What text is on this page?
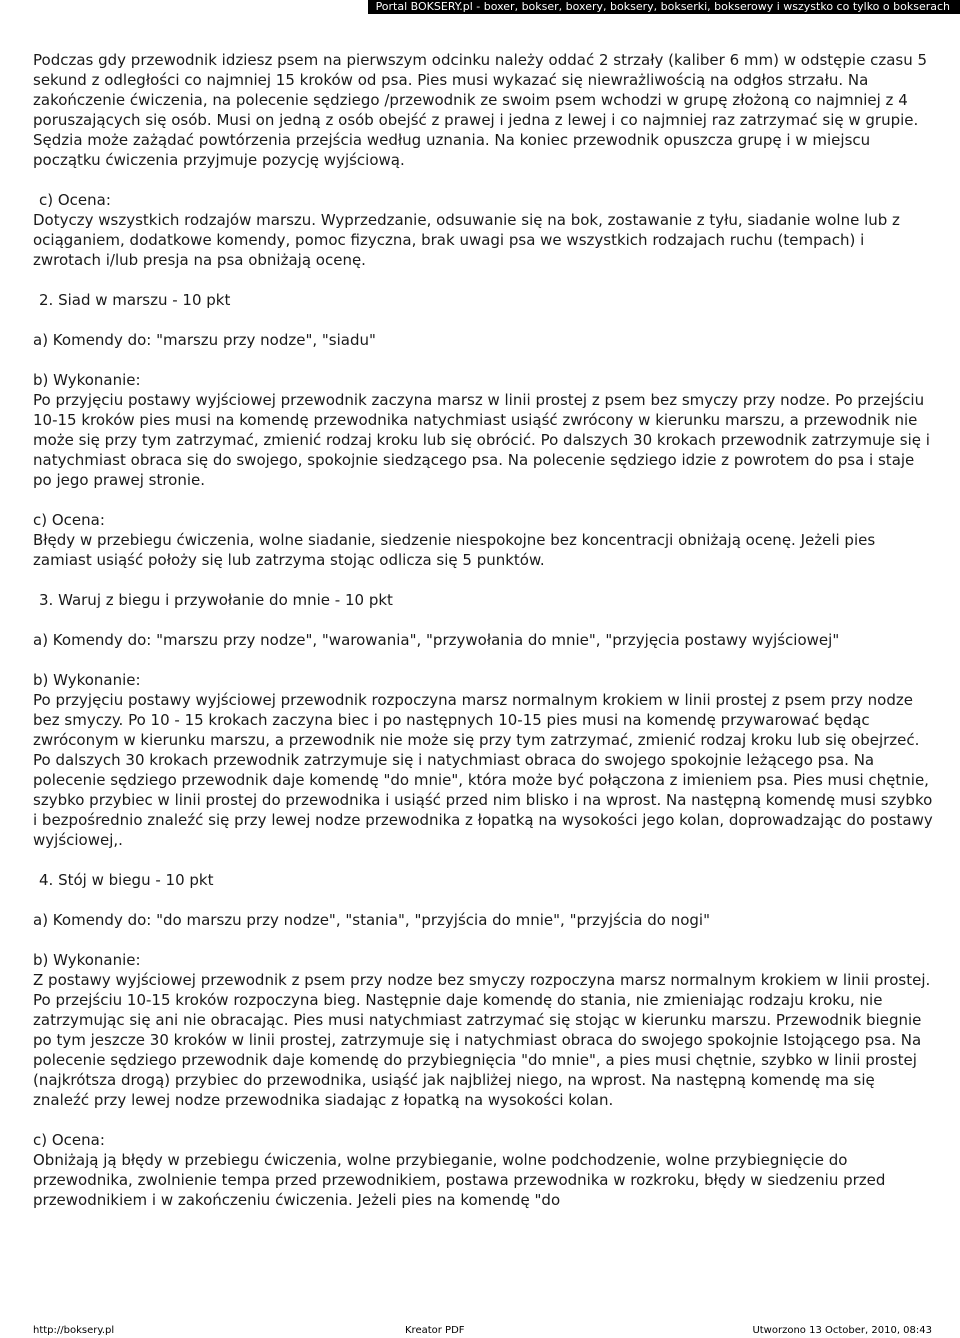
Portal BOKSERY.pl - boxer, bokser, boxery, boksery, bokserki, bokserowy i wszystko co tylko o bokserach

Podczas gdy przewodnik idziesz psem na pierwszym odcinku należy oddać 2 strzały (kaliber 6 mm) w odstępie czasu 5 sekund z odległości co najmniej 15 kroków od psa. Pies musi wykazać się niewrażliwością na odgłos strzału. Na zakończenie ćwiczenia, na polecenie sędziego /przewodnik ze swoim psem wchodzi w grupę złożoną co najmniej z 4 poruszających się osób. Musi on jedną z osób obejść z prawej i jedna z lewej i co najmniej raz zatrzymać się w grupie. Sędzia może zażądać powtórzenia przejścia według uznania. Na koniec przewodnik opuszcza grupę i w miejscu początku ćwiczenia przyjmuje pozycję wyjściową.

c) Ocena:

Dotyczy wszystkich rodzajów marszu. Wyprzedzanie, odsuwanie się na bok, zostawanie z tyłu, siadanie wolne lub z ociąganiem, dodatkowe komendy, pomoc fizyczna, brak uwagi psa we wszystkich rodzajach ruchu (tempach) i zwrotach i/lub presja na psa obniżają ocenę.

2. Siad w marszu - 10 pkt

a) Komendy do: "marszu przy nodze", "siadu"

b) Wykonanie:

Po przyjęciu postawy wyjściowej przewodnik zaczyna marsz w linii prostej z psem bez smyczy przy nodze. Po przejściu 10-15 kroków pies musi na komendę przewodnika natychmiast usiąść zwrócony w kierunku marszu, a przewodnik nie może się przy tym zatrzymać, zmienić rodzaj kroku lub się obrócić. Po dalszych 30 krokach przewodnik zatrzymuje się i natychmiast obraca się do swojego, spokojnie siedzącego psa. Na polecenie sędziego idzie z powrotem do psa i staje po jego prawej stronie.

c) Ocena:

Błędy w przebiegu ćwiczenia, wolne siadanie, siedzenie niespokojne bez koncentracji obniżają ocenę. Jeżeli pies zamiast usiąść położy się lub zatrzyma stojąc odlicza się 5 punktów.

3. Waruj z biegu i przywołanie do mnie - 10 pkt

a) Komendy do: "marszu przy nodze", "warowania", "przywołania do mnie", "przyjęcia postawy wyjściowej"

b) Wykonanie:

Po przyjęciu postawy wyjściowej przewodnik rozpoczyna marsz normalnym krokiem w linii prostej z psem przy nodze bez smyczy. Po 10 - 15 krokach zaczyna biec i po następnych 10-15 pies musi na komendę przywarować będąc zwróconym w kierunku marszu, a przewodnik nie może się przy tym zatrzymać, zmienić rodzaj kroku lub się obejrzeć. Po dalszych 30 krokach przewodnik zatrzymuje się i natychmiast obraca do swojego spokojnie leżącego psa. Na polecenie sędziego przewodnik daje komendę "do mnie", która może być połączona z imieniem psa. Pies musi chętnie, szybko przybiec w linii prostej do przewodnika i usiąść przed nim blisko i na wprost. Na następną komendę musi szybko i bezpośrednio znaleźć się przy lewej nodze przewodnika z łopatką na wysokości jego kolan, doprowadzając do postawy wyjściowej,.

4. Stój w biegu - 10 pkt

a) Komendy do: "do marszu przy nodze", "stania", "przyjścia do mnie", "przyjścia do nogi"

b) Wykonanie:

Z postawy wyjściowej przewodnik z psem przy nodze bez smyczy rozpoczyna marsz normalnym krokiem w linii prostej. Po przejściu 10-15 kroków rozpoczyna bieg. Następnie daje komendę do stania, nie zmieniając rodzaju kroku, nie zatrzymując się ani nie obracając. Pies musi natychmiast zatrzymać się stojąc w kierunku marszu. Przewodnik biegnie po tym jeszcze 30 kroków w linii prostej, zatrzymuje się i natychmiast obraca do swojego spokojnie Istojącego psa. Na polecenie sędziego przewodnik daje komendę do przybiegnięcia "do mnie", a pies musi chętnie, szybko w linii prostej (najkrótsza drogą) przybiec do przewodnika, usiąść jak najbliżej niego, na wprost. Na następną komendę ma się znaleźć przy lewej nodze przewodnika siadając z łopatką na wysokości kolan.

c) Ocena:

Obniżają ją błędy w przebiegu ćwiczenia, wolne przybieganie, wolne podchodzenie, wolne przybiegnięcie do przewodnika, zwolnienie tempa przed przewodnikiem, postawa przewodnika w rozkroku, błędy w siedzeniu przed przewodnikiem i w zakończeniu ćwiczenia. Jeżeli pies na komendę "do

http://boksery.pl	Kreator PDF	Utworzono 13 October, 2010, 08:43
